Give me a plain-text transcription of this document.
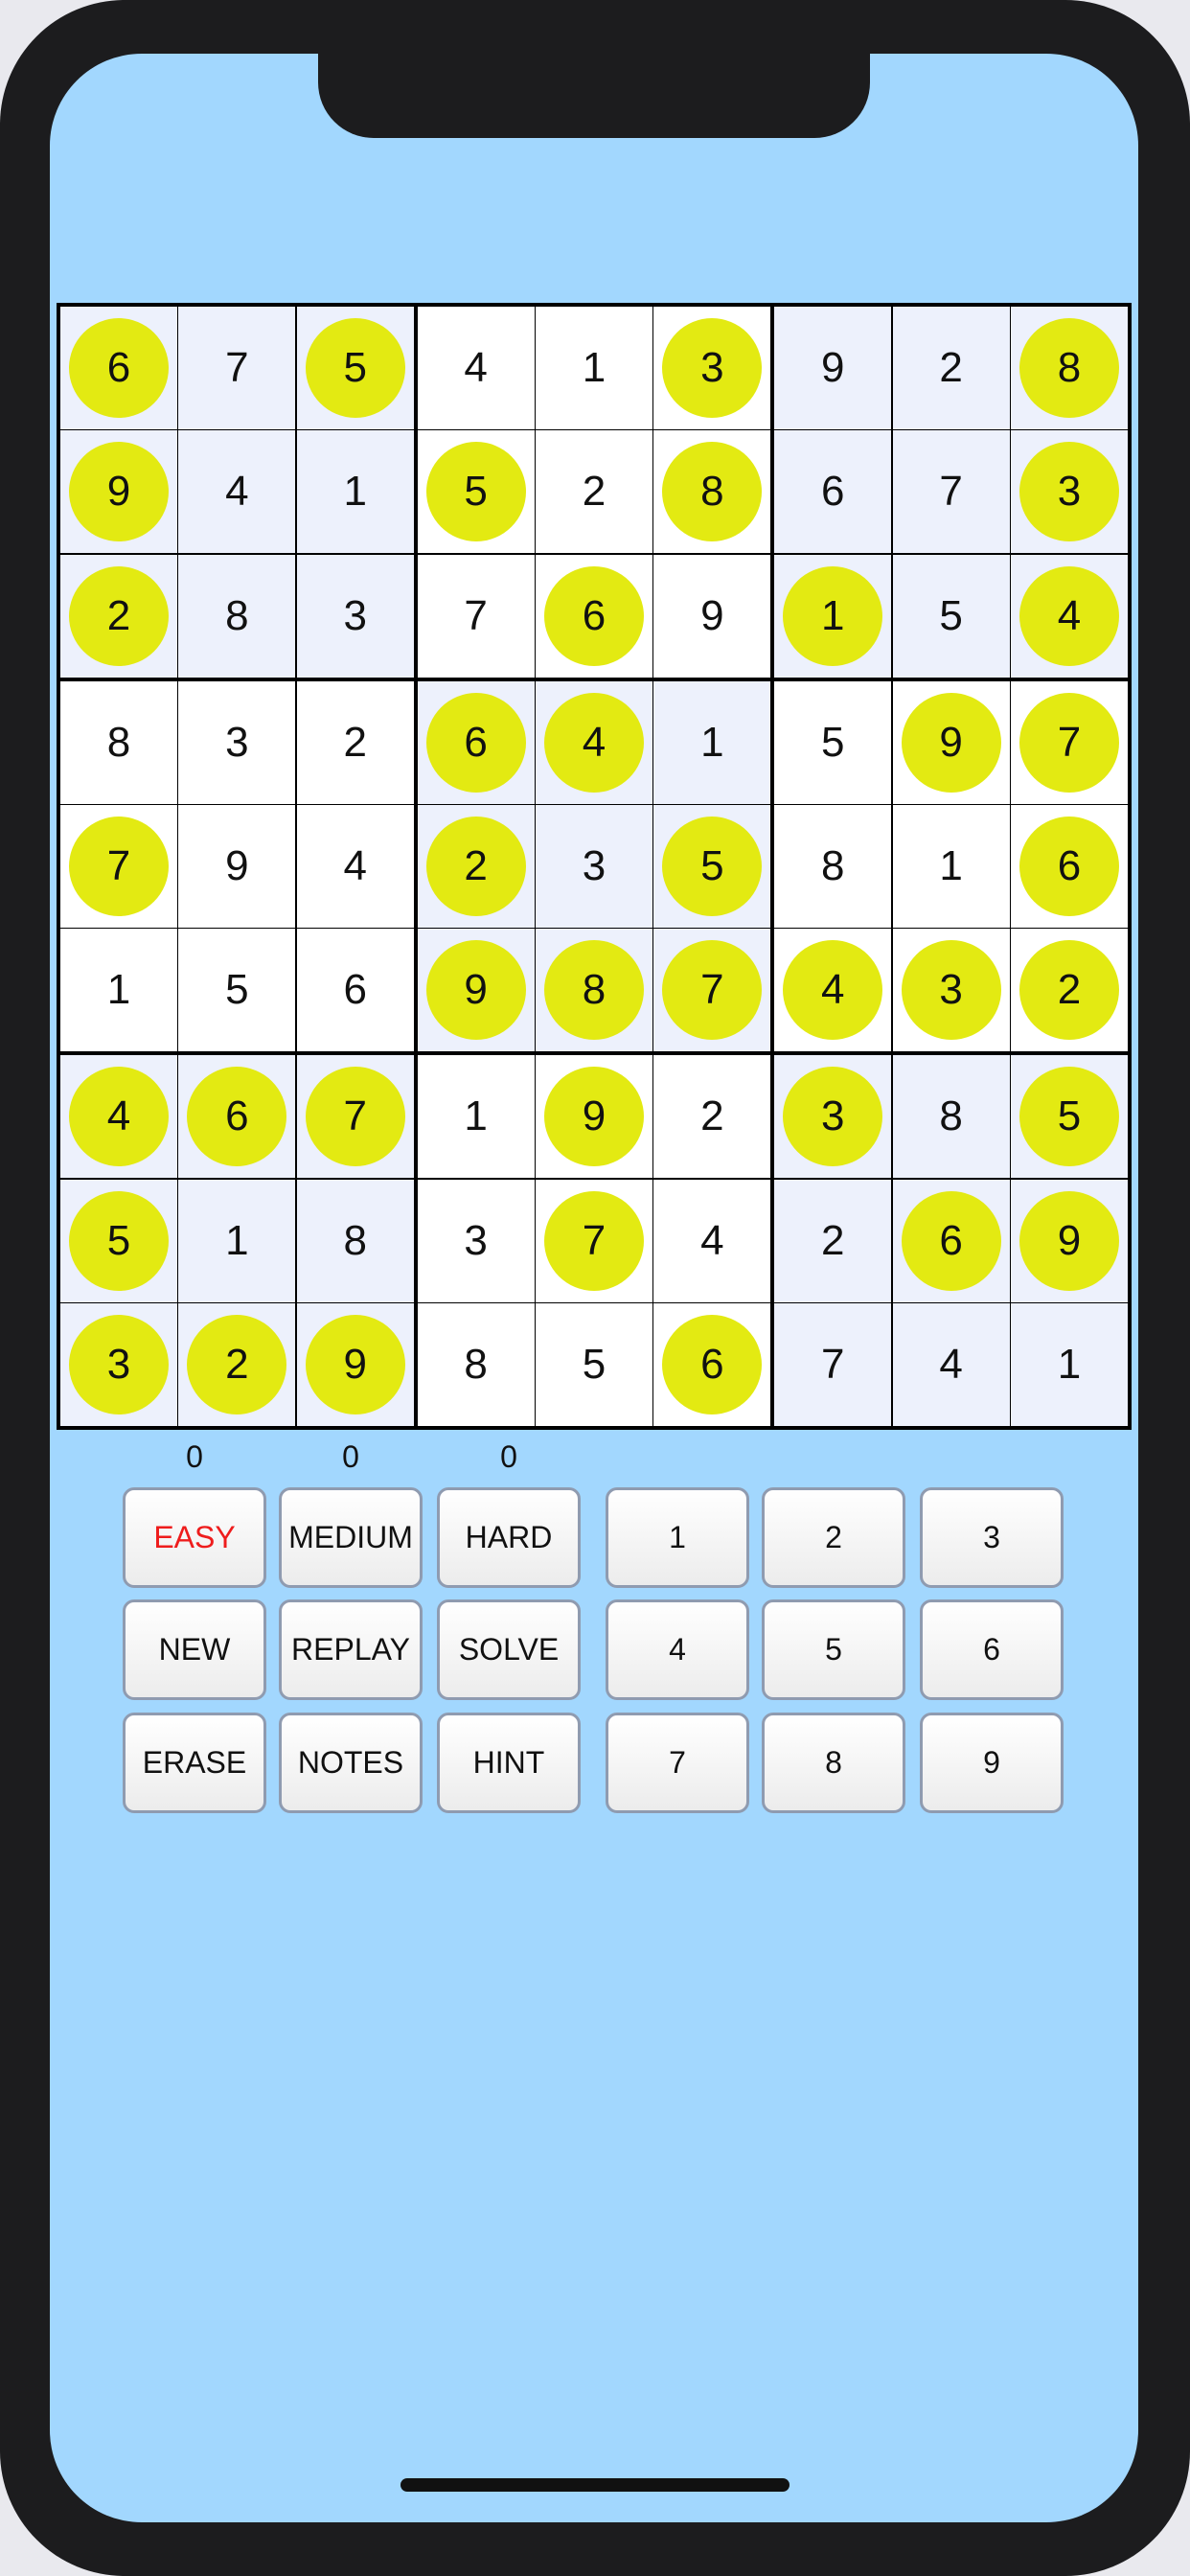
6 7 5 4 1 3 9 2 8
9 4 1 5 2 8 6 7 3
2 8 3 7 6 9 1 5 4
8 3 2 6 4 1 5 9 7
7 9 4 2 3 5 8 1 6
1 5 6 9 8 7 4 3 2
4 6 7 1 9 2 3 8 5
5 1 8 3 7 4 2 6 9
3 2 9 8 5 6 7 4 1
0	0	0
EASY	MEDIUM	HARD
NEW	REPLAY	SOLVE
ERASE	NOTES	HINT
1	2	3
4	5	6
7	8	9
